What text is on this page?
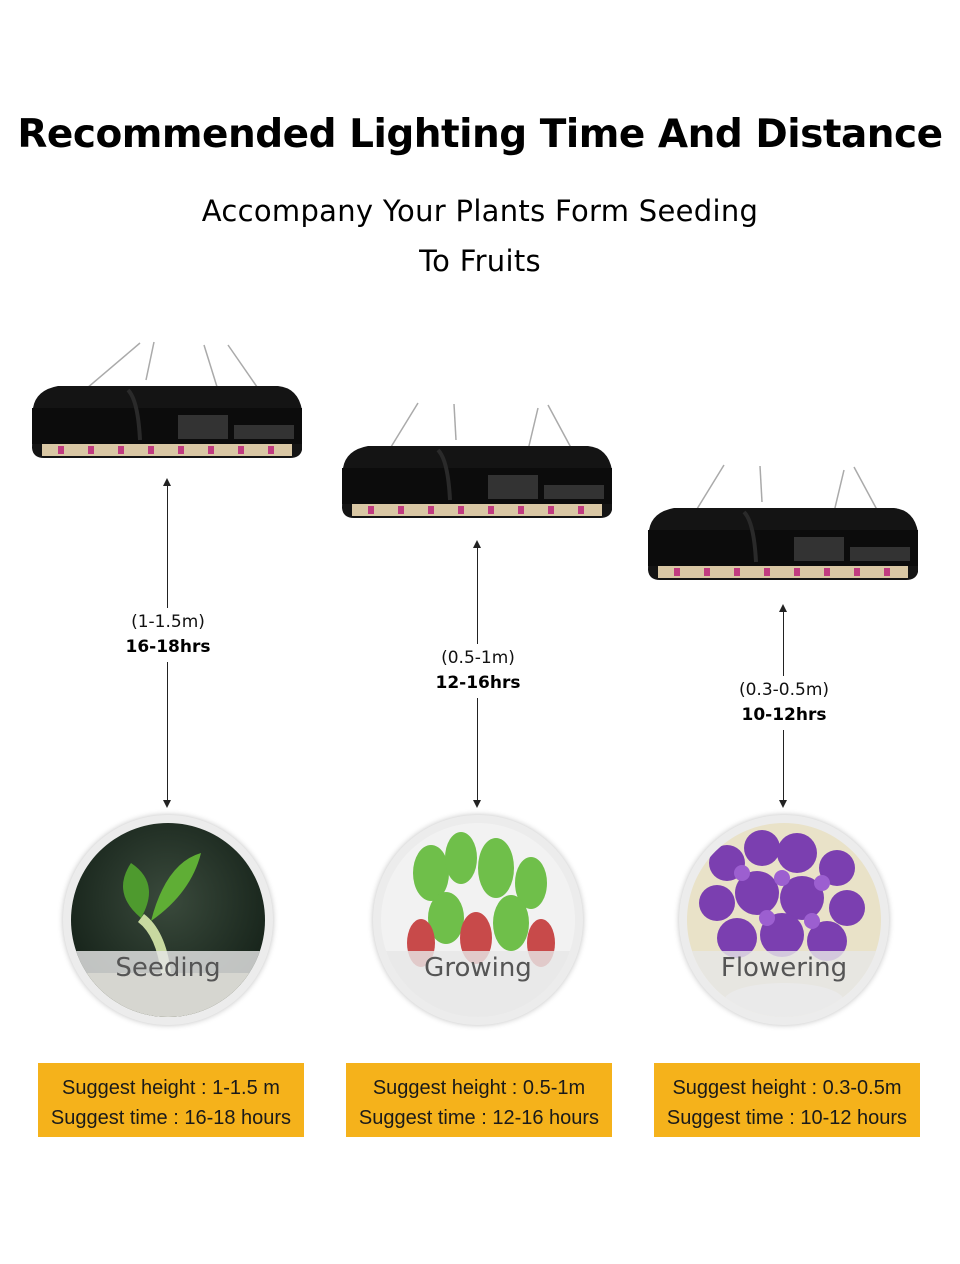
Recommended Lighting Time And Distance
Accompany Your Plants Form Seeding
To Fruits
(1-1.5m)
16-18hrs
Seeding
Suggest height : 1-1.5 m
Suggest time : 16-18 hours
(0.5-1m)
12-16hrs
Growing
Suggest height : 0.5-1m
Suggest time : 12-16 hours
(0.3-0.5m)
10-12hrs
Flowering
Suggest height : 0.3-0.5m
Suggest time : 10-12 hours
